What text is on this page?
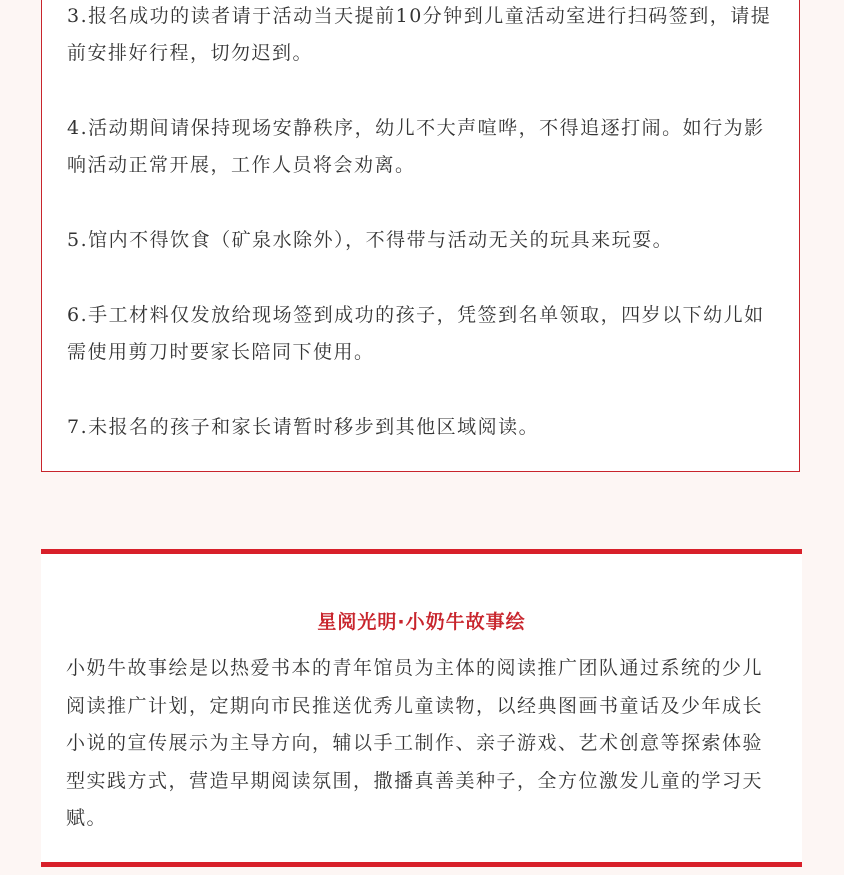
3.报名成功的读者请于活动当天提前10分钟到儿童活动室进行扫码签到，请提前安排好行程，切勿迟到。

4.活动期间请保持现场安静秩序，幼儿不大声喧哗，不得追逐打闹。如行为影响活动正常开展，工作人员将会劝离。

5.馆内不得饮食（矿泉水除外），不得带与活动无关的玩具来玩耍。

6.手工材料仅发放给现场签到成功的孩子，凭签到名单领取，四岁以下幼儿如需使用剪刀时要家长陪同下使用。

7.未报名的孩子和家长请暂时移步到其他区域阅读。

星阅光明·小奶牛故事绘

小奶牛故事绘是以热爱书本的青年馆员为主体的阅读推广团队通过系统的少儿阅读推广计划，定期向市民推送优秀儿童读物，以经典图画书童话及少年成长小说的宣传展示为主导方向，辅以手工制作、亲子游戏、艺术创意等探索体验型实践方式，营造早期阅读氛围，撒播真善美种子，全方位激发儿童的学习天赋。
